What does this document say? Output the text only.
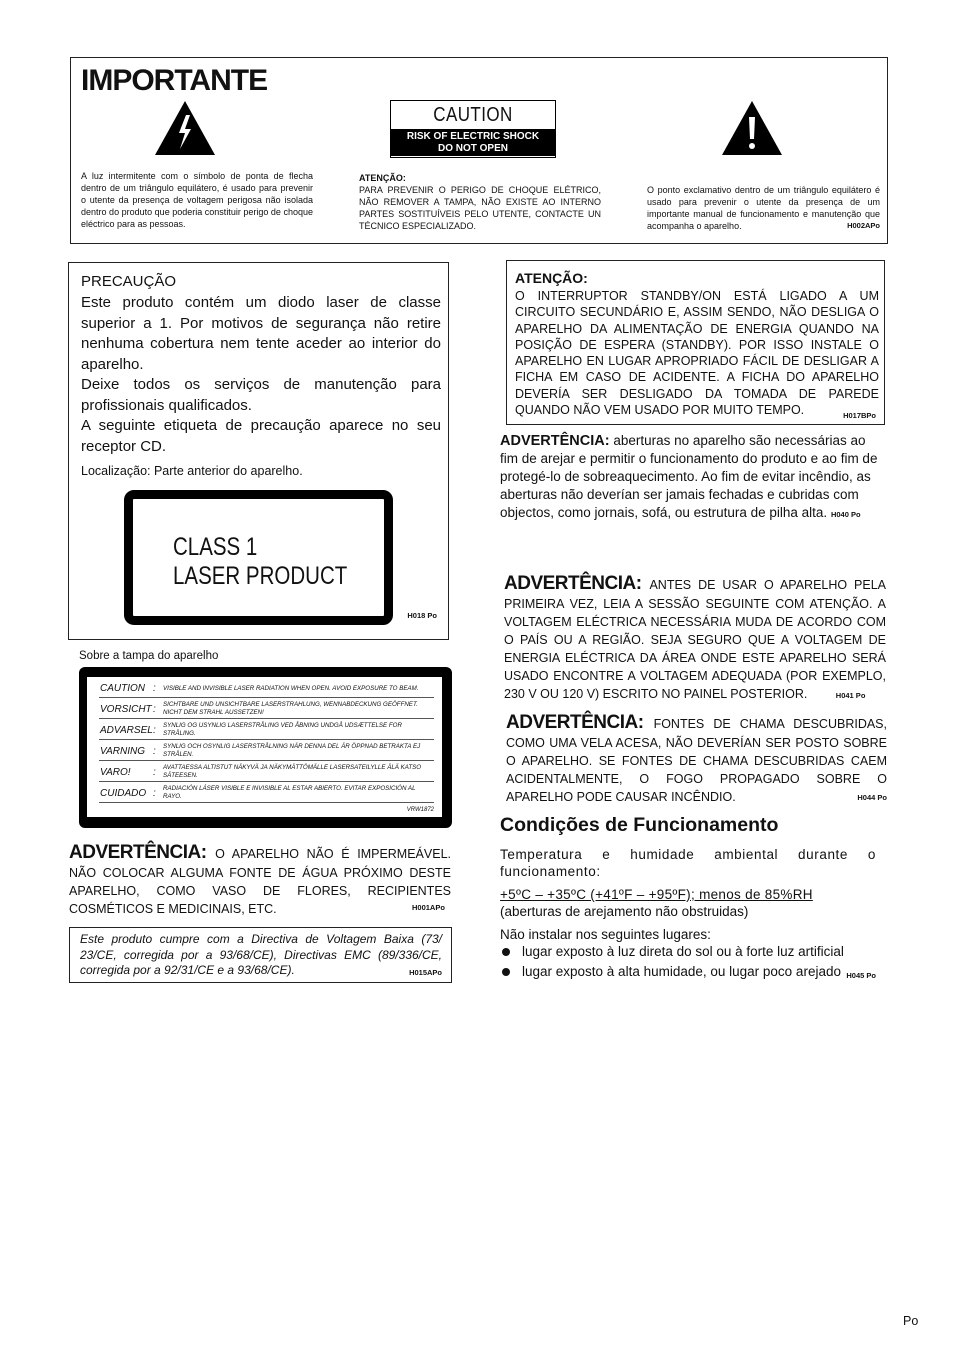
IMPORTANTE
CAUTION
RISK OF ELECTRIC SHOCK
DO NOT OPEN
A luz intermitente com o símbolo de ponta de flecha dentro de um triângulo equilátero, é usado para prevenir o utente da presença de voltagem perigosa não isolada dentro do produto que poderia constituir perigo de choque eléctrico para as pessoas.
ATENÇÃO:
PARA PREVENIR O PERIGO DE CHOQUE ELÉTRICO, NÃO REMOVER A TAMPA, NÃO EXISTE AO INTERNO PARTES SOSTITUÍVEIS PELO UTENTE, CONTACTE UN TÉCNICO ESPECIALIZADO.
O ponto exclamativo dentro de um triângulo equilátero é usado para prevenir o utente da presença de um importante manual de funcionamento e manutenção que acompanha o aparelho.	H002APo
PRECAUÇÃO

Este produto contém um diodo laser de classe superior a 1. Por motivos de segurança não retire nenhuma cobertura nem tente aceder ao interior do aparelho.

Deixe todos os serviços de manutenção para profissionais qualificados.

A seguinte etiqueta de precaução aparece no seu receptor CD.

Localização: Parte anterior do aparelho.
CLASS 1
LASER PRODUCT
H018 Po
Sobre a tampa do aparelho
CAUTION : VISIBLE AND INVISIBLE LASER RADIATION WHEN OPEN. AVOID EXPOSURE TO BEAM.
VORSICHT : SICHTBARE UND UNSICHTBARE LASERSTRAHLUNG, WENNABDECKUNG GEÖFFNET. NICHT DEM STRAHL AUSSETZEN!
ADVARSEL : SYNLIG OG USYNLIG LASERSTRÅLING VED ÅBNING UNDGÅ UDSÆTTELSE FOR STRÅLING.
VARNING : SYNLIG OCH OSYNLIG LASERSTRÅLNING NÄR DENNA DEL ÄR ÖPPNAD BETRAKTA EJ STRÅLEN.
VARO! : AVATTAESSA ALTISTUT NÄKYVÄ JA NÄKYMÄTTÖMÄLLE LASERSATEILYLLE ÄLÄ KATSO SÄTEESEN.
CUIDADO : RADIACIÓN LÁSER VISIBLE E INVISIBLE AL ESTAR ABIERTO. EVITAR EXPOSICIÓN AL RAYO.
VRW1872
ADVERTÊNCIA: O APARELHO NÃO É IMPERMEÁVEL. NÃO COLOCAR ALGUMA FONTE DE ÁGUA PRÓXIMO DESTE APARELHO, COMO VASO DE FLORES, RECIPIENTES COSMÉTICOS E MEDICINAIS, ETC.	H001APo
Este produto cumpre com a Directiva de Voltagem Baixa (73/ 23/CE, corregida por a 93/68/CE), Directivas EMC (89/336/CE, corregida por a 92/31/CE e a 93/68/CE).	H015APo
ATENÇÃO:
O INTERRUPTOR STANDBY/ON ESTÁ LIGADO A UM CIRCUITO SECUNDÁRIO E, ASSIM SENDO, NÃO DESLIGA O APARELHO DA ALIMENTAÇÃO DE ENERGIA QUANDO NA POSIÇÃO DE ESPERA (STANDBY). POR ISSO INSTALE O APARELHO EN LUGAR APROPRIADO FÁCIL DE DESLIGAR A FICHA EM CASO DE ACIDENTE. A FICHA DO APARELHO DEVERÍA SER DESLIGADO DA TOMADA DE PAREDE QUANDO NÃO VEM USADO POR MUITO TEMPO.	H017BPo
ADVERTÊNCIA: aberturas no aparelho são necessárias ao fim de arejar e permitir o funcionamento do produto e ao fim de protegé-lo de sobreaquecimento. Ao fim de evitar incêndio, as aberturas não deverían ser jamais fechadas e cubridas com objectos, como jornais, sofá, ou estrutura de pilha alta. H040 Po
ADVERTÊNCIA: ANTES DE USAR O APARELHO PELA PRIMEIRA VEZ, LEIA A SESSÃO SEGUINTE COM ATENÇÃO. A VOLTAGEM ELÉCTRICA NECESSÁRIA MUDA DE ACORDO COM O PAÍS OU A REGIÃO. SEJA SEGURO QUE A VOLTAGEM DE ENERGIA ELÉCTRICA DA ÁREA ONDE ESTE APARELHO SERÁ USADO ENCONTRE A VOLTAGEM ADEQUADA (POR EXEMPLO, 230 V OU 120 V) ESCRITO NO PAINEL POSTERIOR.	H041 Po
ADVERTÊNCIA: FONTES DE CHAMA DESCUBRIDAS, COMO UMA VELA ACESA, NÃO DEVERÍAN SER POSTO SOBRE O APARELHO. SE FONTES DE CHAMA DESCUBRIDAS CAEM ACIDENTALMENTE, O FOGO PROPAGADO SOBRE O APARELHO PODE CAUSAR INCÊNDIO.	H044 Po
Condições de Funcionamento

Temperatura e humidade ambiental durante o funcionamento:

+5ºC – +35ºC (+41ºF – +95ºF); menos de 85%RH

(aberturas de arejamento não obstruidas)

Não instalar nos seguintes lugares:

lugar exposto à luz direta do sol ou à forte luz artificial

lugar exposto à alta humidade, ou lugar poco arejado H045 Po

Po
